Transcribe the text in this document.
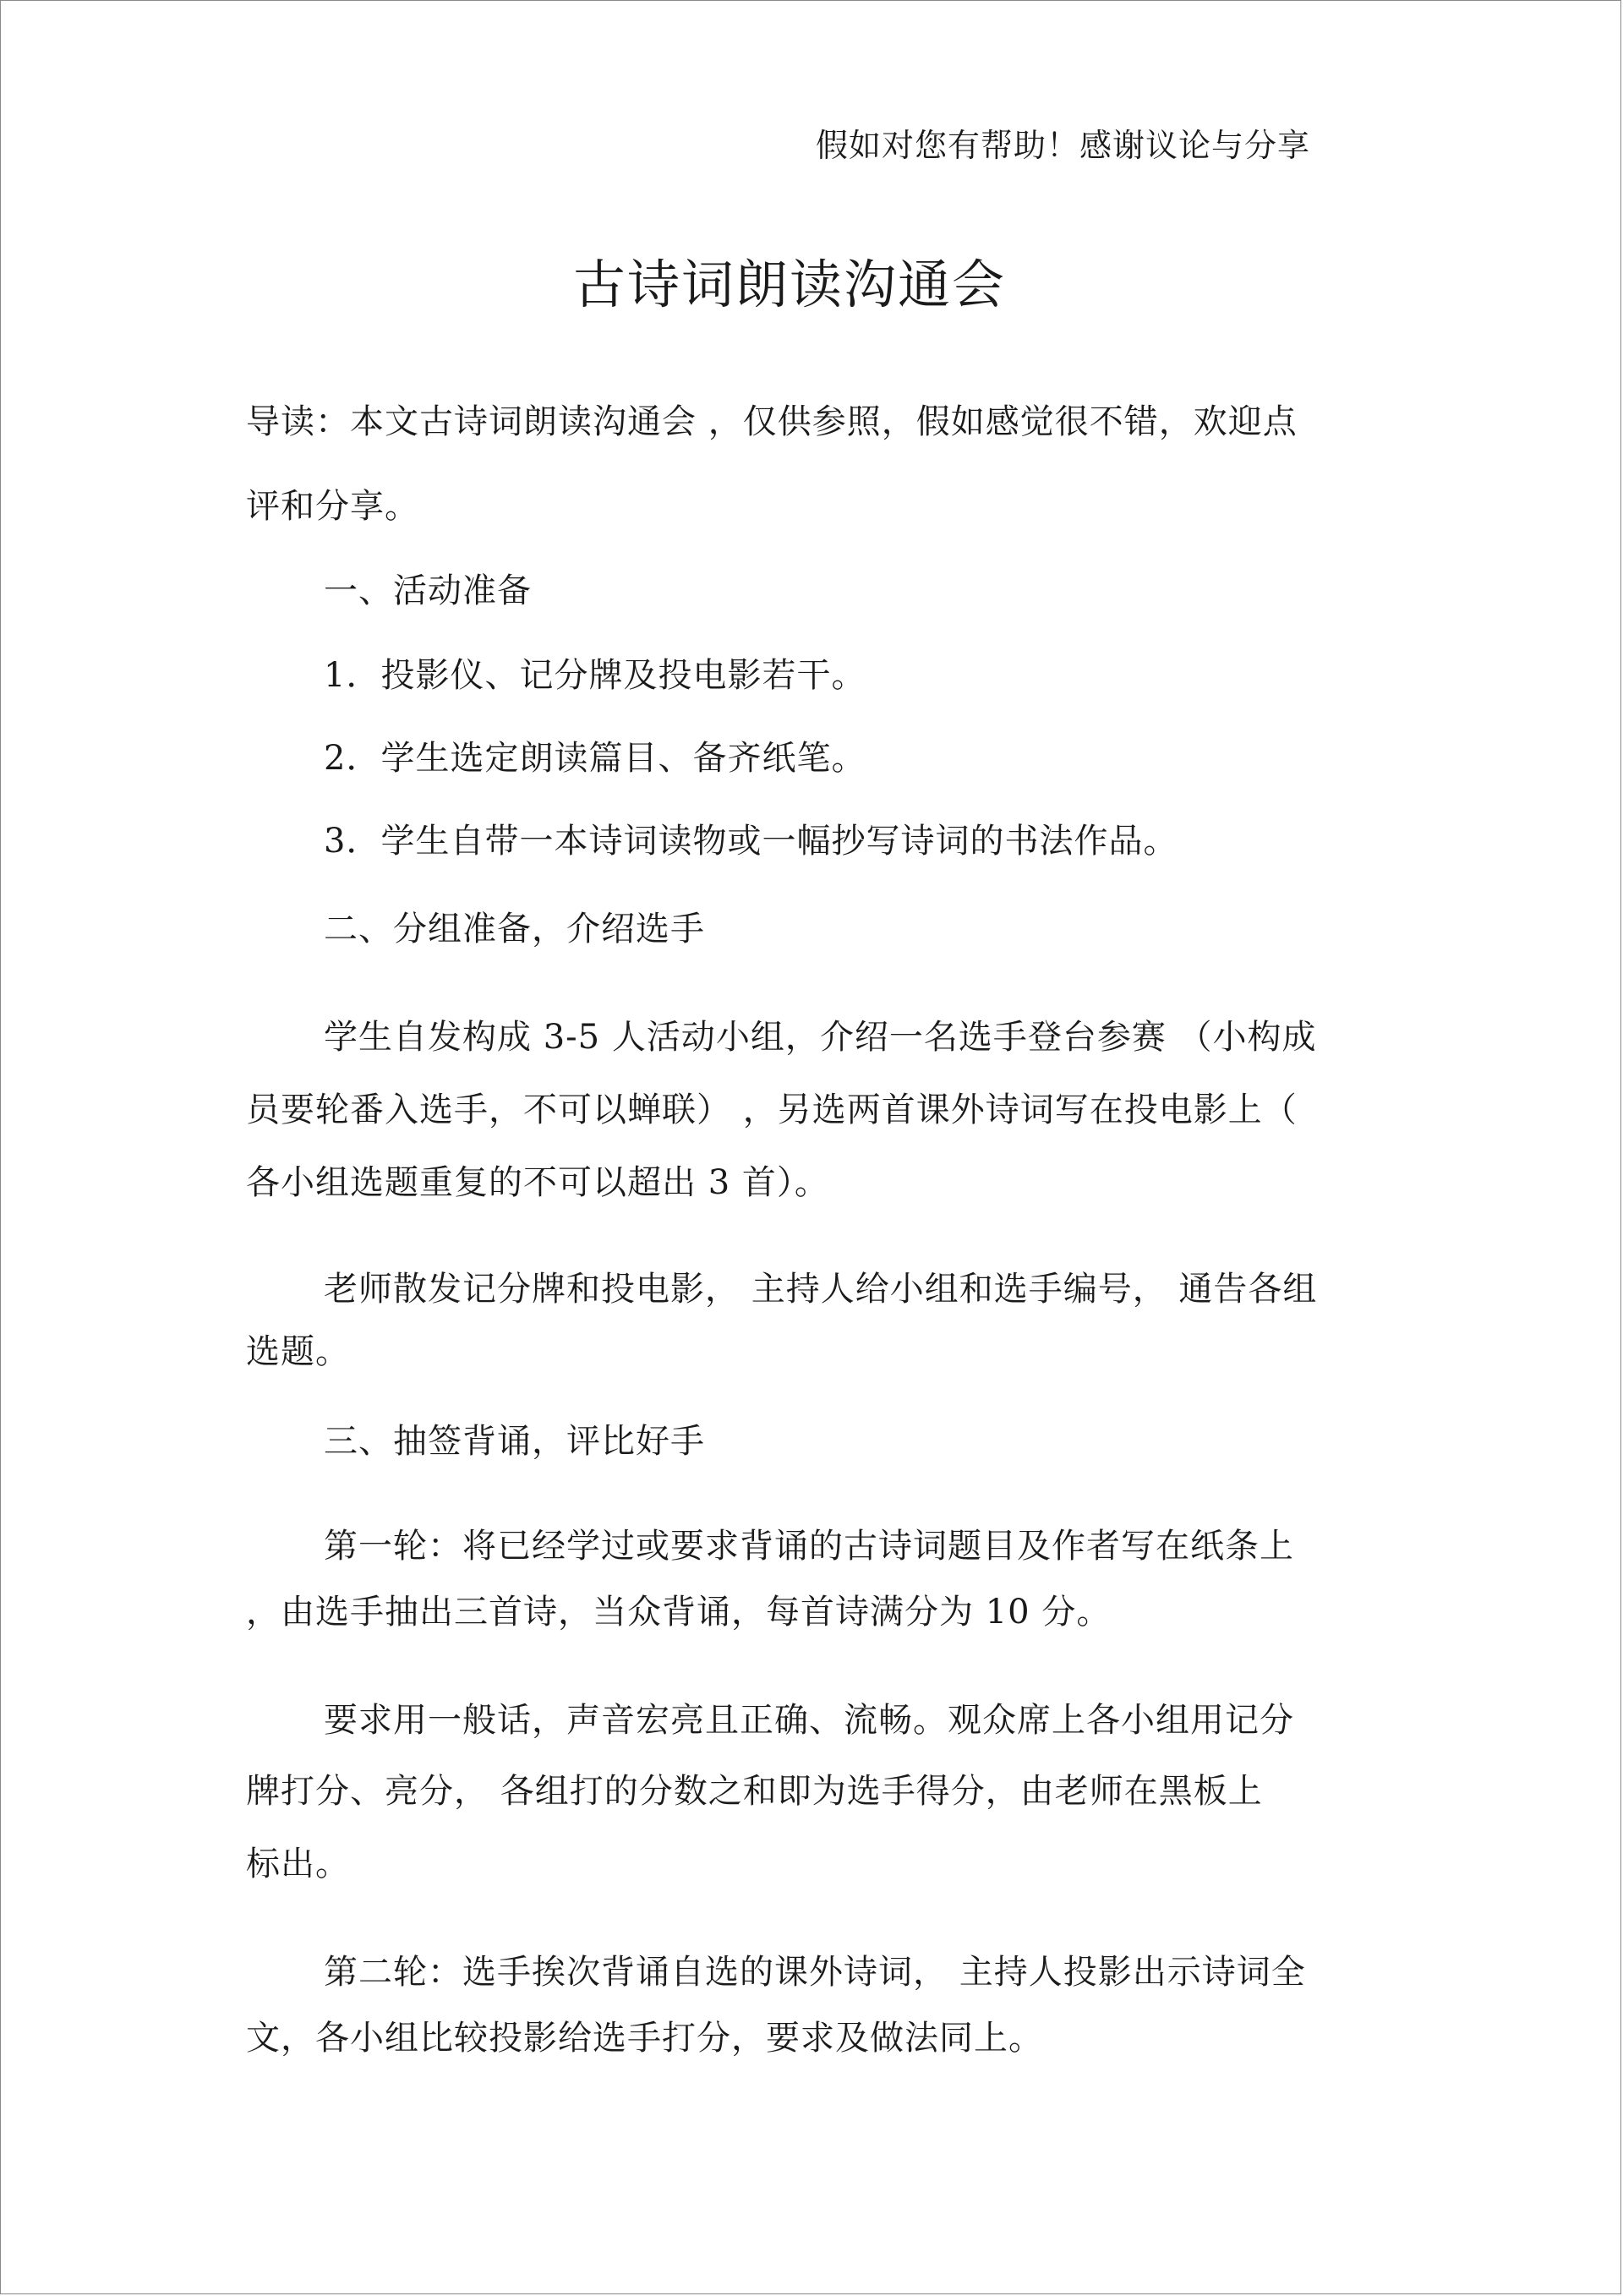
假如对您有帮助！感谢议论与分享
古诗词朗读沟通会

导读：本文古诗词朗读沟通会 ，仅供参照，假如感觉很不错，欢迎点

评和分享。

一、活动准备

1．投影仪、记分牌及投电影若干。

2．学生选定朗读篇目、备齐纸笔。

3．学生自带一本诗词读物或一幅抄写诗词的书法作品。

二、分组准备，介绍选手

学生自发构成 3-5 人活动小组，介绍一名选手登台参赛 （小构成

员要轮番入选手，不可以蝉联） ，另选两首课外诗词写在投电影上（

各小组选题重复的不可以超出 3 首）。

老师散发记分牌和投电影， 主持人给小组和选手编号， 通告各组

选题。

三、抽签背诵，评比好手

第一轮：将已经学过或要求背诵的古诗词题目及作者写在纸条上

，由选手抽出三首诗，当众背诵，每首诗满分为 10 分。

要求用一般话，声音宏亮且正确、流畅。观众席上各小组用记分

牌打分、亮分， 各组打的分数之和即为选手得分，由老师在黑板上

标出。

第二轮：选手挨次背诵自选的课外诗词， 主持人投影出示诗词全

文，各小组比较投影给选手打分，要求及做法同上。
